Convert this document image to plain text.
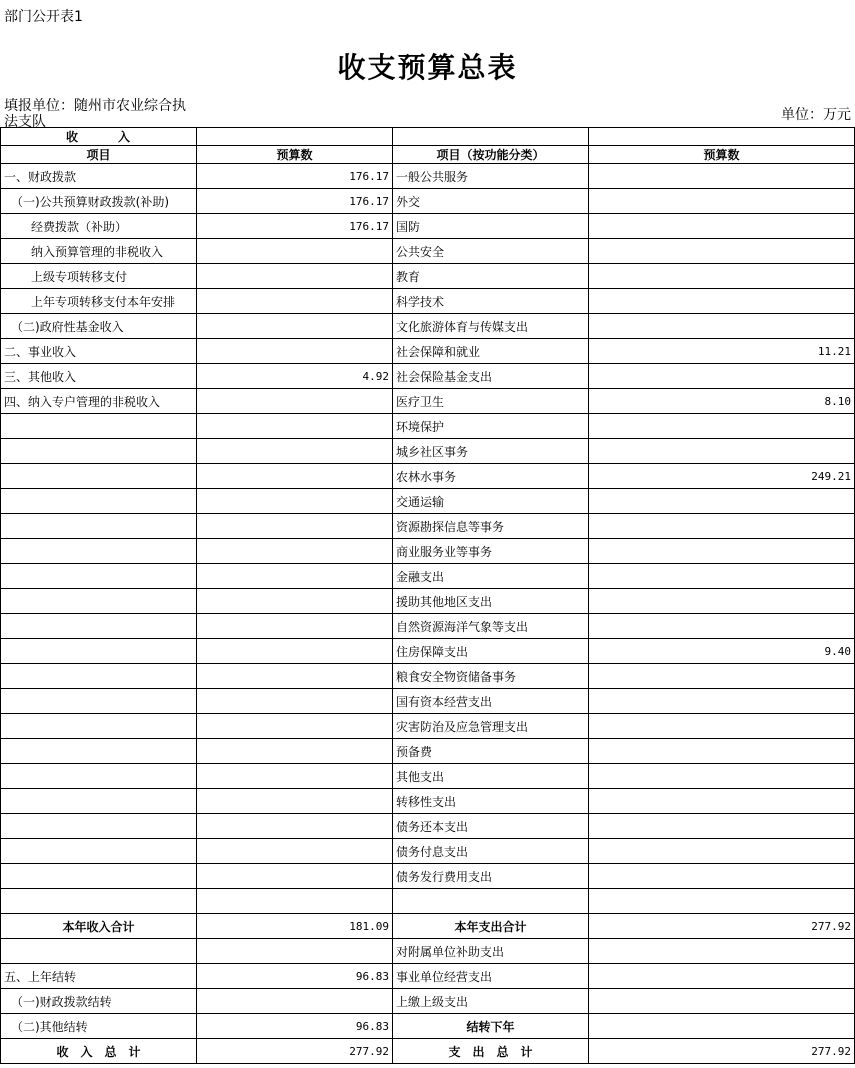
部门公开表1
收支预算总表
填报单位：随州市农业综合执法支队	单位：万元
收　　　入			
项目	预算数	项目（按功能分类）	预算数
一、财政拨款	176.17	一般公共服务	
（一)公共预算财政拨款(补助)	176.17	外交	
经费拨款（补助）	176.17	国防	
纳入预算管理的非税收入		公共安全	
上级专项转移支付		教育	
上年专项转移支付本年安排		科学技术	
（二)政府性基金收入		文化旅游体育与传媒支出	
二、事业收入		社会保障和就业	11.21
三、其他收入	4.92	社会保险基金支出	
四、纳入专户管理的非税收入		医疗卫生	8.10
		环境保护	
		城乡社区事务	
		农林水事务	249.21
		交通运输	
		资源勘探信息等事务	
		商业服务业等事务	
		金融支出	
		援助其他地区支出	
		自然资源海洋气象等支出	
		住房保障支出	9.40
		粮食安全物资储备事务	
		国有资本经营支出	
		灾害防治及应急管理支出	
		预备费	
		其他支出	
		转移性支出	
		债务还本支出	
		债务付息支出	
		债务发行费用支出	

本年收入合计	181.09	本年支出合计	277.92
		对附属单位补助支出	
五、上年结转	96.83	事业单位经营支出	
（一)财政拨款结转		上缴上级支出	
（二)其他结转	96.83	结转下年	
收　入　总　计	277.92	支　出　总　计	277.92
